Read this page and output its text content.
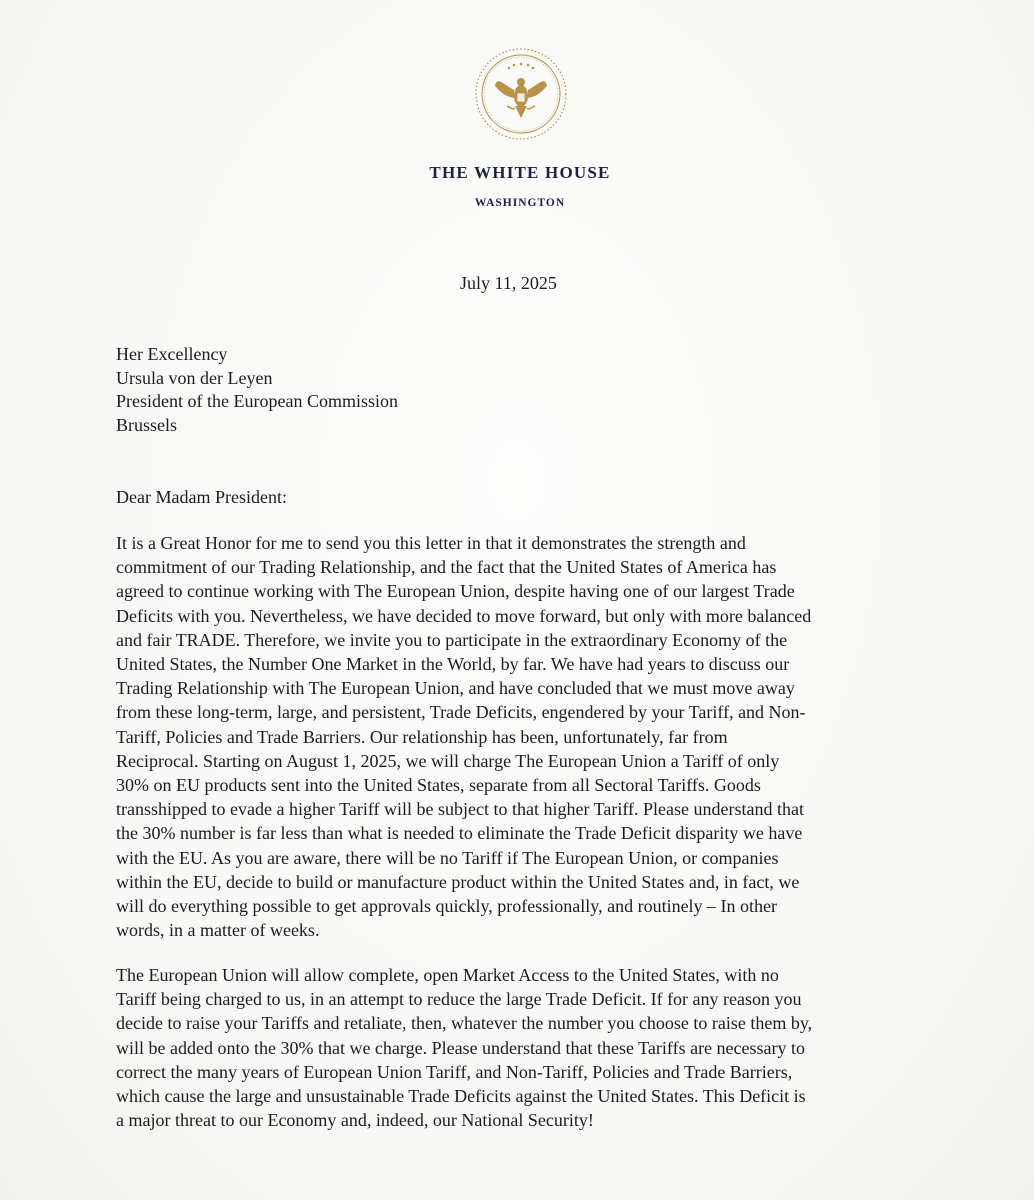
THE WHITE HOUSE
WASHINGTON
July 11, 2025
Her Excellency
Ursula von der Leyen
President of the European Commission
Brussels
Dear Madam President:
It is a Great Honor for me to send you this letter in that it demonstrates the strength and
commitment of our Trading Relationship, and the fact that the United States of America has
agreed to continue working with The European Union, despite having one of our largest Trade
Deficits with you. Nevertheless, we have decided to move forward, but only with more balanced
and fair TRADE. Therefore, we invite you to participate in the extraordinary Economy of the
United States, the Number One Market in the World, by far. We have had years to discuss our
Trading Relationship with The European Union, and have concluded that we must move away
from these long-term, large, and persistent, Trade Deficits, engendered by your Tariff, and Non-
Tariff, Policies and Trade Barriers. Our relationship has been, unfortunately, far from
Reciprocal. Starting on August 1, 2025, we will charge The European Union a Tariff of only
30% on EU products sent into the United States, separate from all Sectoral Tariffs. Goods
transshipped to evade a higher Tariff will be subject to that higher Tariff. Please understand that
the 30% number is far less than what is needed to eliminate the Trade Deficit disparity we have
with the EU. As you are aware, there will be no Tariff if The European Union, or companies
within the EU, decide to build or manufacture product within the United States and, in fact, we
will do everything possible to get approvals quickly, professionally, and routinely – In other
words, in a matter of weeks.
The European Union will allow complete, open Market Access to the United States, with no
Tariff being charged to us, in an attempt to reduce the large Trade Deficit. If for any reason you
decide to raise your Tariffs and retaliate, then, whatever the number you choose to raise them by,
will be added onto the 30% that we charge. Please understand that these Tariffs are necessary to
correct the many years of European Union Tariff, and Non-Tariff, Policies and Trade Barriers,
which cause the large and unsustainable Trade Deficits against the United States. This Deficit is
a major threat to our Economy and, indeed, our National Security!
